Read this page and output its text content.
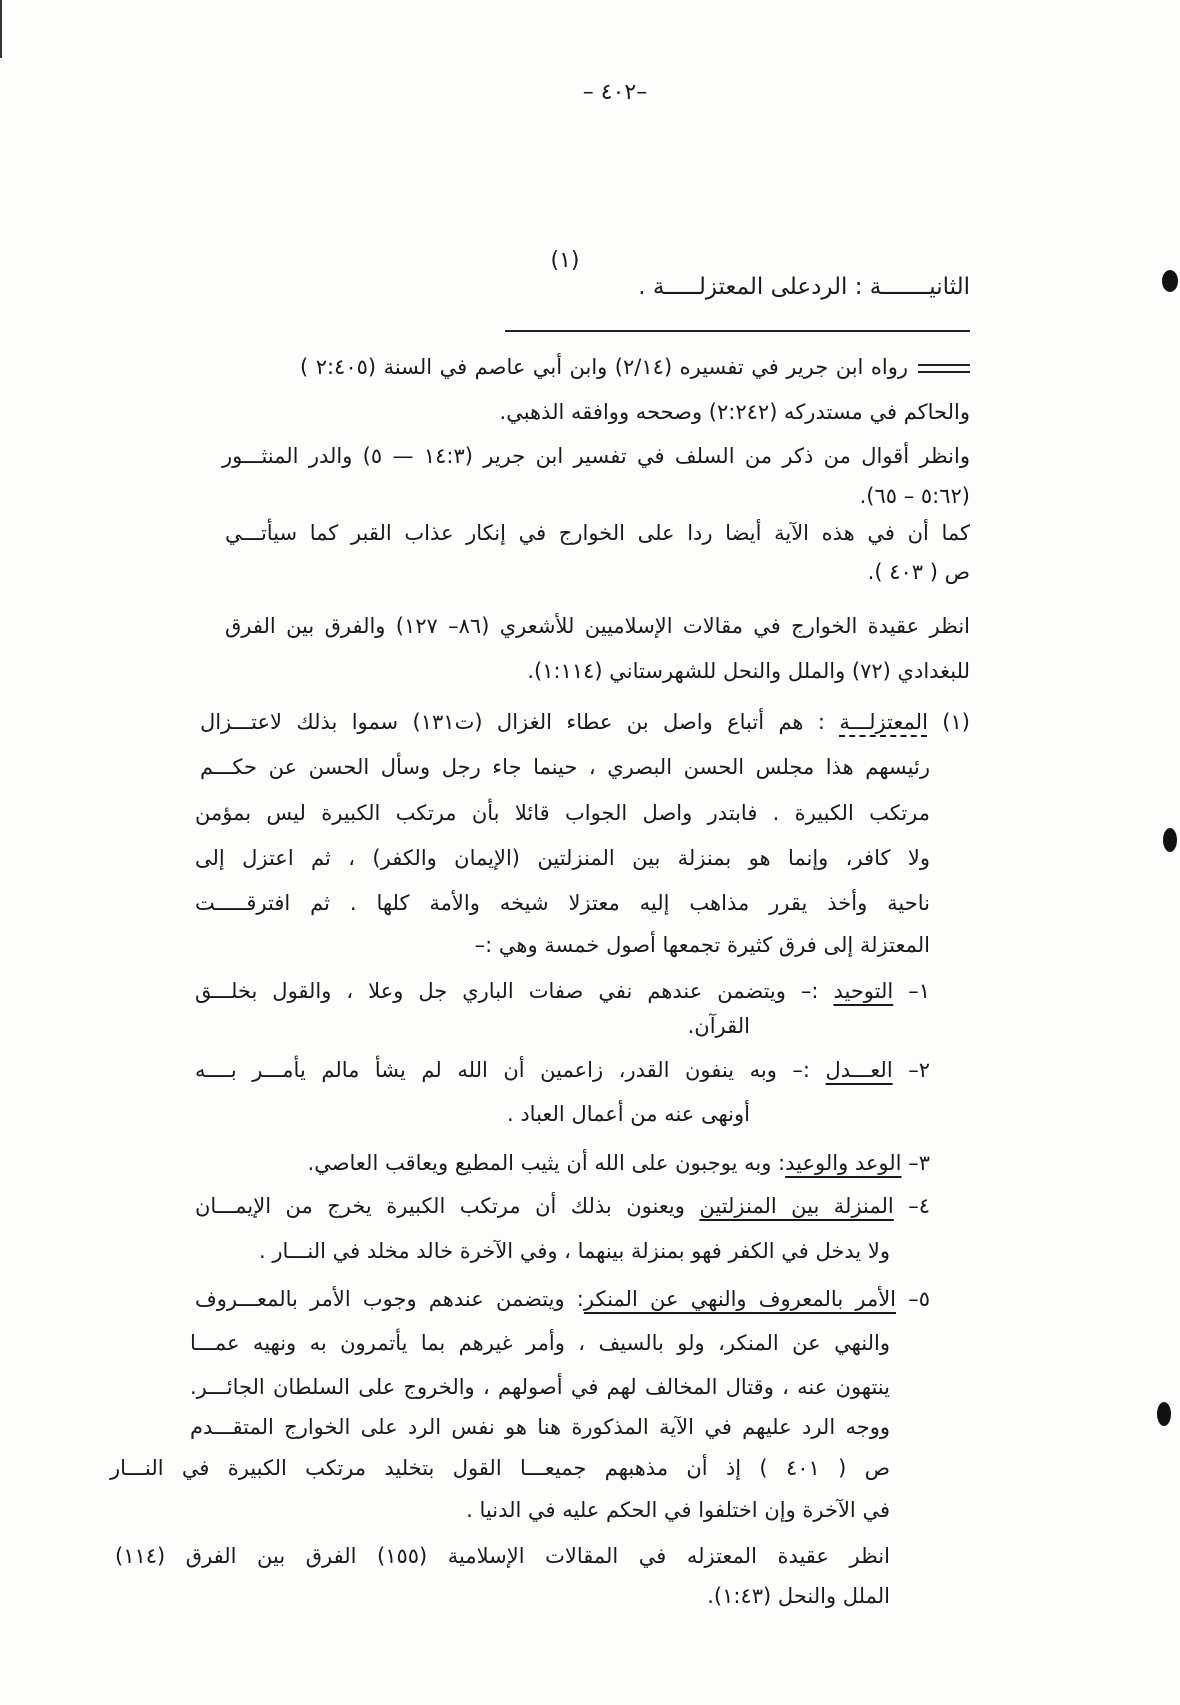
–٤٠٢ –
(١)
الثانيـــــــة : الردعلى المعتزلـــــة .
رواه ابن جرير في تفسيره (٢/١٤) وابن أبي عاصم في السنة (٢:٤٠٥ )
والحاكم في مستدركه (٢:٢٤٢) وصححه ووافقه الذهبي.
وانظر أقوال من ذكر من السلف في تفسير ابن جرير (١٤:٣ — ٥) والدر المنثـــور
(٥:٦٢ – ٦٥).
كما أن في هذه الآية أيضا ردا على الخوارج في إنكار عذاب القبر كما سيأتـــي
ص ( ٤٠٣ ).
انظر عقيدة الخوارج في مقالات الإسلاميين للأشعري (٨٦– ١٢٧) والفرق بين الفرق
للبغدادي (٧٢) والملل والنحل للشهرستاني (١:١١٤).
(١) المعتزلـــة : هم أتباع واصل بن عطاء الغزال (ت١٣١) سموا بذلك لاعتـــزال
رئيسهم هذا مجلس الحسن البصري ، حينما جاء رجل وسأل الحسن عن حكـــم
مرتكب الكبيرة . فابتدر واصل الجواب قائلا بأن مرتكب الكبيرة ليس بمؤمن
ولا كافر، وإنما هو بمنزلة بين المنزلتين (الإيمان والكفر) ، ثم اعتزل إلى
ناحية وأخذ يقرر مذاهب إليه معتزلا شيخه والأمة كلها . ثم افترقـــــت
المعتزلة إلى فرق كثيرة تجمعها أصول خمسة وهي :–
١– التوحيد :– ويتضمن عندهم نفي صفات الباري جل وعلا ، والقول بخلـــق
القرآن.
٢– العـــدل :– وبه ينفون القدر، زاعمين أن الله لم يشأ مالم يأمـــر بــــه
أونهى عنه من أعمال العباد .
٣– الوعد والوعيد: وبه يوجبون على الله أن يثيب المطيع ويعاقب العاصي.
٤– المنزلة بين المنزلتين ويعنون بذلك أن مرتكب الكبيرة يخرج من الإيمـــان
ولا يدخل في الكفر فهو بمنزلة بينهما ، وفي الآخرة خالد مخلد في النـــار .
٥– الأمر بالمعروف والنهي عن المنكر: ويتضمن عندهم وجوب الأمر بالمعـــروف
والنهي عن المنكر، ولو بالسيف ، وأمر غيرهم بما يأتمرون به ونهيه عمـــا
ينتهون عنه ، وقتال المخالف لهم في أصولهم ، والخروج على السلطان الجائـــر.
ووجه الرد عليهم في الآية المذكورة هنا هو نفس الرد على الخوارج المتقـــدم
ص ( ٤٠١ ) إذ أن مذهبهم جميعـــا القول بتخليد مرتكب الكبيرة في النـــار
في الآخرة وإن اختلفوا في الحكم عليه في الدنيا .
انظر عقيدة المعتزله في المقالات الإسلامية (١٥٥) الفرق بين الفرق (١١٤)
الملل والنحل (١:٤٣).
